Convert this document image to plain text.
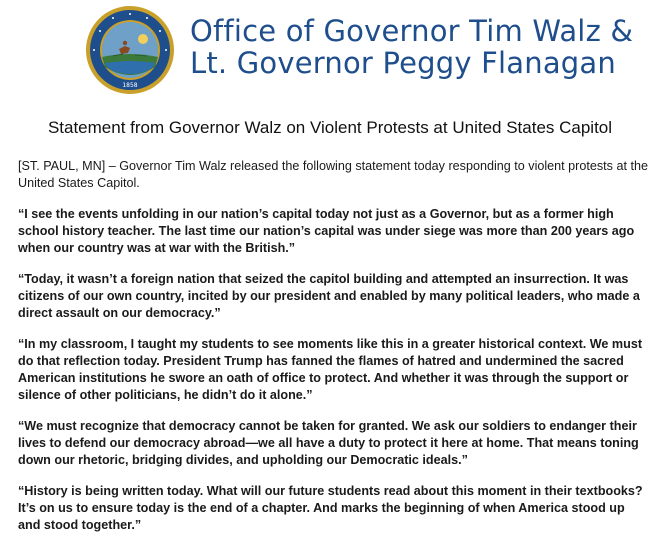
1858
Office of Governor Tim Walz &
Lt. Governor Peggy Flanagan
Statement from Governor Walz on Violent Protests at United States Capitol

[ST. PAUL, MN] – Governor Tim Walz released the following statement today responding to violent protests at the United States Capitol.

“I see the events unfolding in our nation’s capital today not just as a Governor, but as a former high school history teacher. The last time our nation’s capital was under siege was more than 200 years ago when our country was at war with the British.”

“Today, it wasn’t a foreign nation that seized the capitol building and attempted an insurrection. It was citizens of our own country, incited by our president and enabled by many political leaders, who made a direct assault on our democracy.”

“In my classroom, I taught my students to see moments like this in a greater historical context. We must do that reflection today. President Trump has fanned the flames of hatred and undermined the sacred American institutions he swore an oath of office to protect. And whether it was through the support or silence of other politicians, he didn’t do it alone.”

“We must recognize that democracy cannot be taken for granted. We ask our soldiers to endanger their lives to defend our democracy abroad—we all have a duty to protect it here at home. That means toning down our rhetoric, bridging divides, and upholding our Democratic ideals.”

“History is being written today. What will our future students read about this moment in their textbooks? It’s on us to ensure today is the end of a chapter. And marks the beginning of when America stood up and stood together.”
